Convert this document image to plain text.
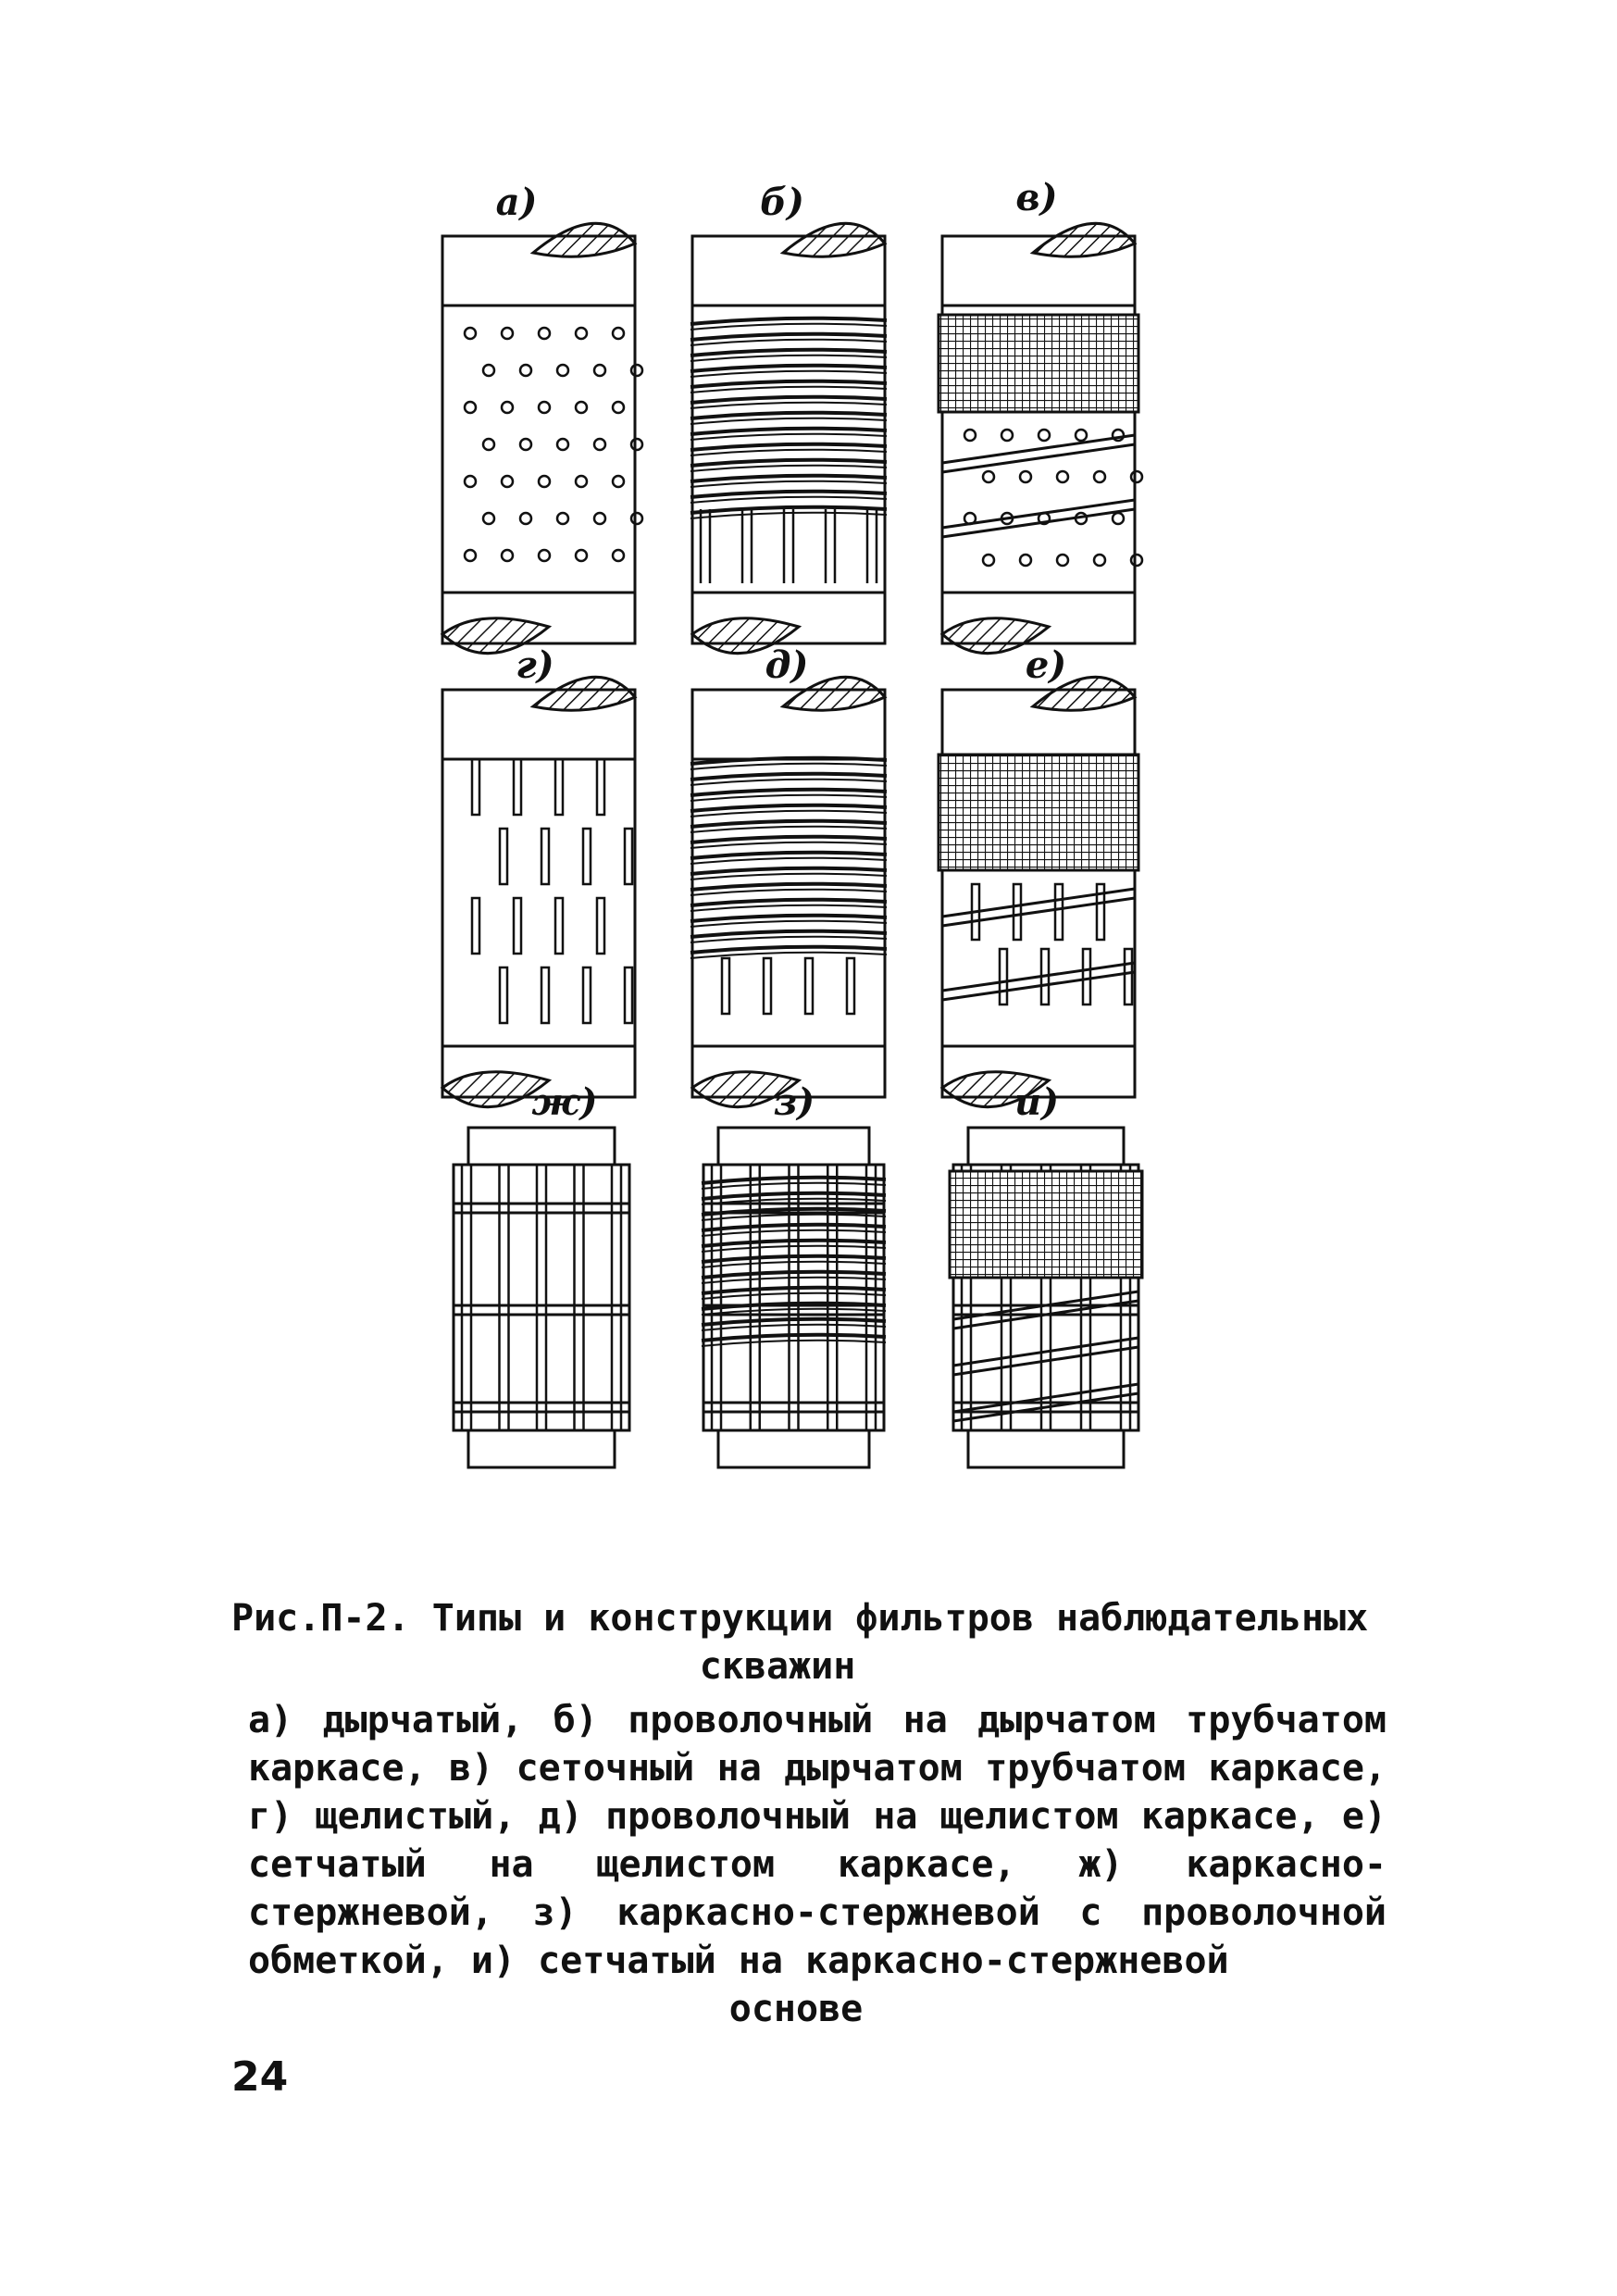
а)	б)	в)
г)	д)	е)
ж)	з)	и)

Рис.П-2. Типы и конструкции фильтров наблюдательных

скважин

а) дырчатый, б) проволочный на дырчатом трубчатом каркасе, в) сеточный на дырчатом трубчатом каркасе, г) щелистый, д) проволочный на щелистом каркасе, е) сетчатый на щелистом каркасе, ж) каркасно-стержневой, з) каркасно-стержневой с проволочной обметкой, и) сетчатый на каркасно-стержневой

основе

24
